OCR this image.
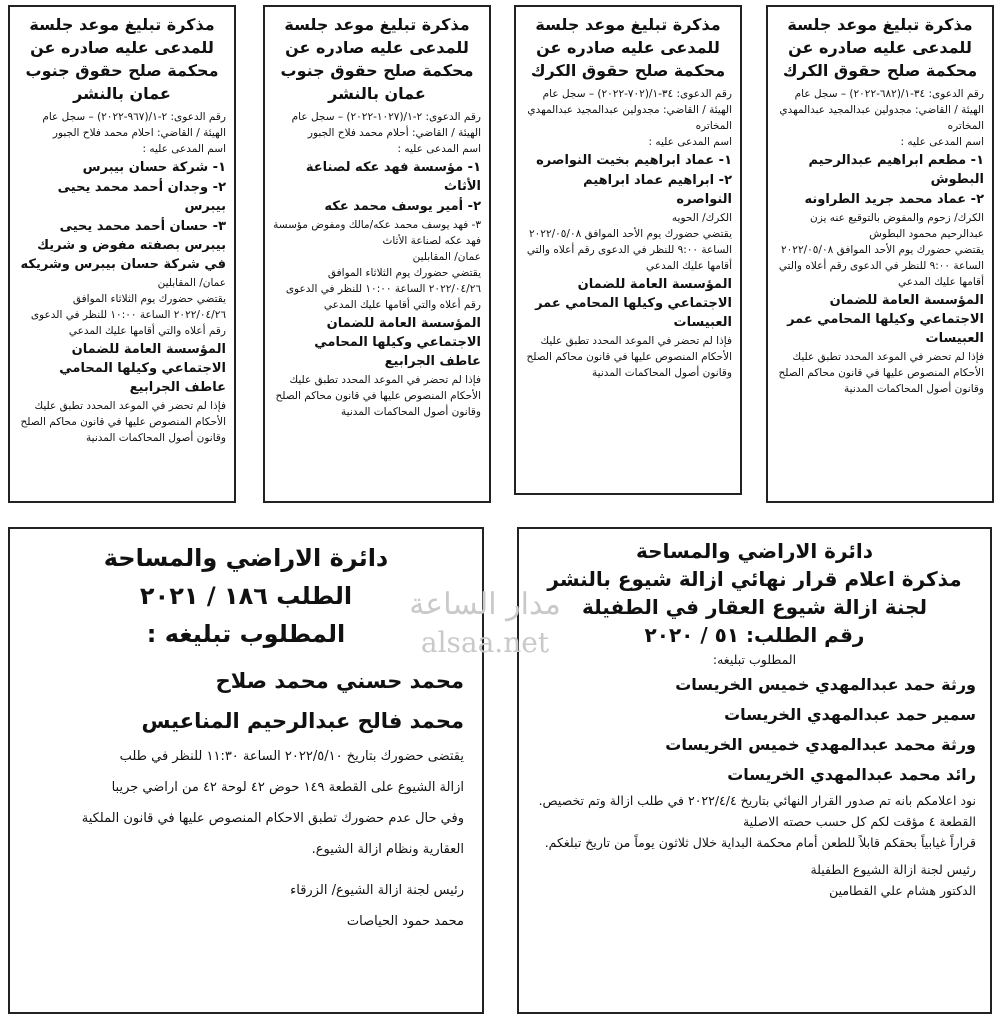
مذكرة تبليغ موعد جلسة للمدعى عليه صادره عن محكمة صلح حقوق الكرك

رقم الدعوى: ٣٤-١/(٦٨٢-٢٠٢٢) – سجل عام

الهيئة / القاضي: مجدولين عبدالمجيد عبدالمهدي المخاتره

اسم المدعى عليه :

١- مطعم ابراهيم عبدالرحيم البطوش

٢- عماد محمد جريد الطراونه

الكرك/ زحوم والمفوض بالتوقيع عنه يزن عبدالرحيم محمود البطوش

يقتضي حضورك يوم الأحد الموافق ٢٠٢٢/٠٥/٠٨ الساعة ٩:٠٠ للنظر في الدعوى رقم أعلاه والتي أقامها عليك المدعي

المؤسسة العامة للضمان الاجتماعي وكيلها المحامي عمر العبيسات

فإذا لم تحضر في الموعد المحدد تطبق عليك الأحكام المنصوص عليها في قانون محاكم الصلح وقانون أصول المحاكمات المدنية

مذكرة تبليغ موعد جلسة للمدعى عليه صادره عن محكمة صلح حقوق الكرك

رقم الدعوى: ٣٤-١/(٧٠٢-٢٠٢٢) – سجل عام

الهيئة / القاضي: مجدولين عبدالمجيد عبدالمهدي المخاتره

اسم المدعى عليه :

١- عماد ابراهيم بخيت النواصره

٢- ابراهيم عماد ابراهيم النواصره

الكرك/ الحويه

يقتضي حضورك يوم الأحد الموافق ٢٠٢٢/٠٥/٠٨ الساعة ٩:٠٠ للنظر في الدعوى رقم أعلاه والتي أقامها عليك المدعي

المؤسسة العامة للضمان الاجتماعي وكيلها المحامي عمر العبيسات

فإذا لم تحضر في الموعد المحدد تطبق عليك الأحكام المنصوص عليها في قانون محاكم الصلح وقانون أصول المحاكمات المدنية

مذكرة تبليغ موعد جلسة للمدعى عليه صادره عن محكمة صلح حقوق جنوب عمان بالنشر

رقم الدعوى: ٢-١/(١٠٢٧-٢٠٢٢) – سجل عام

الهيئة / القاضي: أحلام محمد فلاح الجبور

اسم المدعى عليه :

١- مؤسسة فهد عكه لصناعة الأثاث

٢- أمير يوسف محمد عكه

٣- فهد يوسف محمد عكه/مالك ومفوض مؤسسة فهد عكه لصناعة الأثاث

عمان/ المقابلين

يقتضي حضورك يوم الثلاثاء الموافق ٢٠٢٢/٠٤/٢٦ الساعة ١٠:٠٠ للنظر في الدعوى رقم أعلاه والتي أقامها عليك المدعي

المؤسسة العامة للضمان الاجتماعي وكيلها المحامي عاطف الجرابيع

فإذا لم تحضر في الموعد المحدد تطبق عليك الأحكام المنصوص عليها في قانون محاكم الصلح وقانون أصول المحاكمات المدنية

مذكرة تبليغ موعد جلسة للمدعى عليه صادره عن محكمة صلح حقوق جنوب عمان بالنشر

رقم الدعوى: ٢-١/(٩٦٧-٢٠٢٢) – سجل عام

الهيئة / القاضي: احلام محمد فلاح الجبور

اسم المدعى عليه :

١- شركة حسان بيبرس

٢- وجدان أحمد محمد يحيى بيبرس

٣- حسان أحمد محمد يحيى بيبرس بصفته مفوض و شريك في شركة حسان بيبرس وشريكه

عمان/ المقابلين

يقتضي حضورك يوم الثلاثاء الموافق ٢٠٢٢/٠٤/٢٦ الساعة ١٠:٠٠ للنظر في الدعوى رقم أعلاه والتي أقامها عليك المدعي

المؤسسة العامة للضمان الاجتماعي وكيلها المحامي عاطف الجرابيع

فإذا لم تحضر في الموعد المحدد تطبق عليك الأحكام المنصوص عليها في قانون محاكم الصلح وقانون أصول المحاكمات المدنية

دائرة الاراضي والمساحة

مذكرة اعلام قرار نهائي ازالة شيوع بالنشر

لجنة ازالة شيوع العقار في الطفيلة

رقم الطلب: ٥١ / ٢٠٢٠

المطلوب تبليغه:

ورثة حمد عبدالمهدي خميس الخريسات

سمير حمد عبدالمهدي الخريسات

ورثة محمد عبدالمهدي خميس الخريسات

رائد محمد عبدالمهدي الخريسات

نود اعلامكم بانه تم صدور القرار النهائي بتاريخ ٢٠٢٢/٤/٤ في طلب ازالة وتم تخصيص.

القطعة ٤ مؤقت لكم كل حسب حصته الاصلية

قراراً غيابياً بحقكم قابلاً للطعن أمام محكمة البداية خلال ثلاثون يوماً من تاريخ تبلغكم.

رئيس لجنة ازالة الشيوع الطفيلة

الدكتور هشام علي القطامين

دائرة الاراضي والمساحة

الطلب ١٨٦ / ٢٠٢١

المطلوب تبليغه :

محمد حسني محمد صلاح

محمد فالح عبدالرحيم المناعيس

يقتضى حضورك بتاريخ ٢٠٢٢/٥/١٠ الساعة ١١:٣٠ للنظر في طلب

ازالة الشيوع على القطعة ١٤٩ حوض ٤٢ لوحة ٤٢ من اراضي جريبا

وفي حال عدم حضورك تطبق الاحكام المنصوص عليها في قانون الملكية

العقارية ونظام ازالة الشيوع.

رئيس لجنة ازالة الشيوع/ الزرقاء

محمد حمود الحياصات

مدار الساعة
alsaa.net
